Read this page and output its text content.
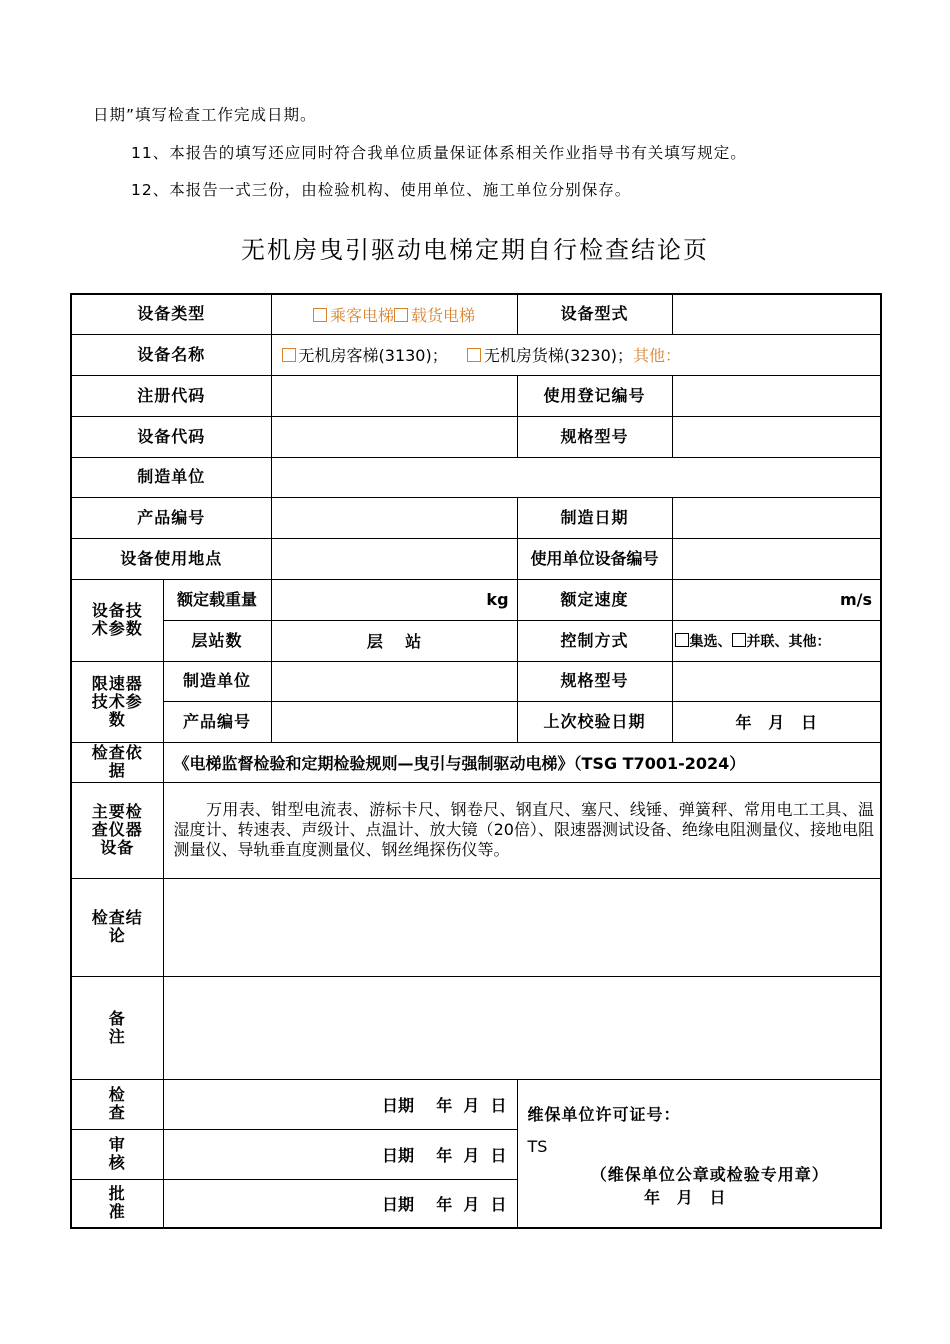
日期”填写检查工作完成日期。
11、本报告的填写还应同时符合我单位质量保证体系相关作业指导书有关填写规定。
12、本报告一式三份，由检验机构、使用单位、施工单位分别保存。
无机房曳引驱动电梯定期自行检查结论页
设备类型		乘客电梯 载货电梯	设备型式	
设备名称		无机房客梯(3130)； 无机房货梯(3230)；其他：		
注册代码			使用登记编号	
设备代码			规格型号	
制造单位				
产品编号			制造日期	
设备使用地点			使用单位设备编号	
设备技术参数	额定载重量	kg	额定速度	m/s
	层站数	层    站	控制方式	集选、 并联、其他：
限速器技术参数	制造单位		规格型号	
	产品编号		上次校验日期	年   月   日
检查依据	《电梯监督检验和定期检验规则—曳引与强制驱动电梯》（TSG T7001-2024）			
主要检查仪器设备	　　万用表、钳型电流表、游标卡尺、钢卷尺、钢直尺、塞尺、线锤、弹簧秤、常用电工工具、温湿度计、转速表、声级计、点温计、放大镜（20倍）、限速器测试设备、绝缘电阻测量仪、接地电阻测量仪、导轨垂直度测量仪、钢丝绳探伤仪等。			
检查结论				
备注				
检查	日期    年  月  日		维保单位许可证号：
TS
（维保单位公章或检验专用章）
年   月   日	

审核	日期    年  月  日			
批准	日期    年  月  日			
